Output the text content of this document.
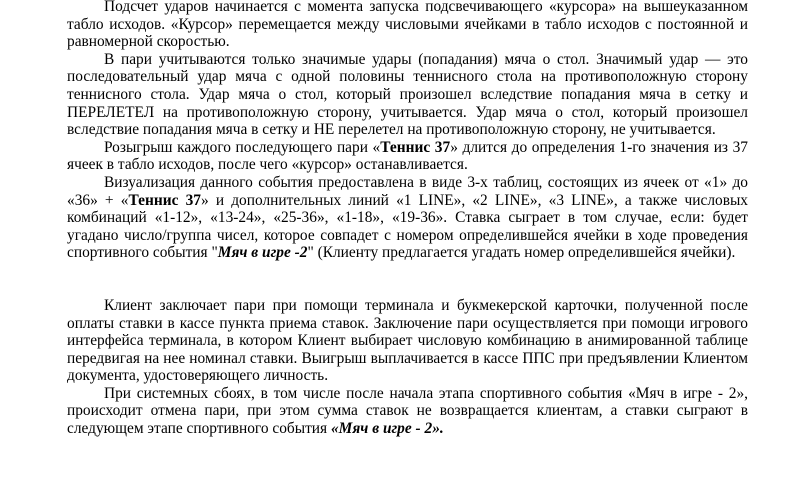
Подсчет ударов начинается с момента запуска подсвечивающего «курсора» на вышеуказанном табло исходов. «Курсор» перемещается между числовыми ячейками в табло исходов с постоянной и равномерной скоростью.

В пари учитываются только значимые удары (попадания) мяча о стол. Значимый удар — это последовательный удар мяча с одной половины теннисного стола на противоположную сторону теннисного стола. Удар мяча о стол, который произошел вследствие попадания мяча в сетку и ПЕРЕЛЕТЕЛ на противоположную сторону, учитывается. Удар мяча о стол, который произошел вследствие попадания мяча в сетку и НЕ перелетел на противоположную сторону, не учитывается.

Розыгрыш каждого последующего пари «Теннис 37» длится до определения 1-го значения из 37 ячеек в табло исходов, после чего «курсор» останавливается.

Визуализация данного события предоставлена в виде 3-х таблиц, состоящих из ячеек от «1» до «36» + «Теннис 37» и дополнительных линий «1 LINE», «2 LINE», «3 LINE», а также числовых комбинаций «1-12», «13-24», «25-36», «1-18», «19-36». Ставка сыграет в том случае, если: будет угадано число/группа чисел, которое совпадет с номером определившейся ячейки в ходе проведения спортивного события "Мяч в игре -2" (Клиенту предлагается угадать номер определившейся ячейки).

Клиент заключает пари при помощи терминала и букмекерской карточки, полученной после оплаты ставки в кассе пункта приема ставок. Заключение пари осуществляется при помощи игрового интерфейса терминала, в котором Клиент выбирает числовую комбинацию в анимированной таблице передвигая на нее номинал ставки. Выигрыш выплачивается в кассе ППС при предъявлении Клиентом документа, удостоверяющего личность.

При системных сбоях, в том числе после начала этапа спортивного события «Мяч в игре - 2», происходит отмена пари, при этом сумма ставок не возвращается клиентам, а ставки сыграют в следующем этапе спортивного события «Мяч в игре - 2».
